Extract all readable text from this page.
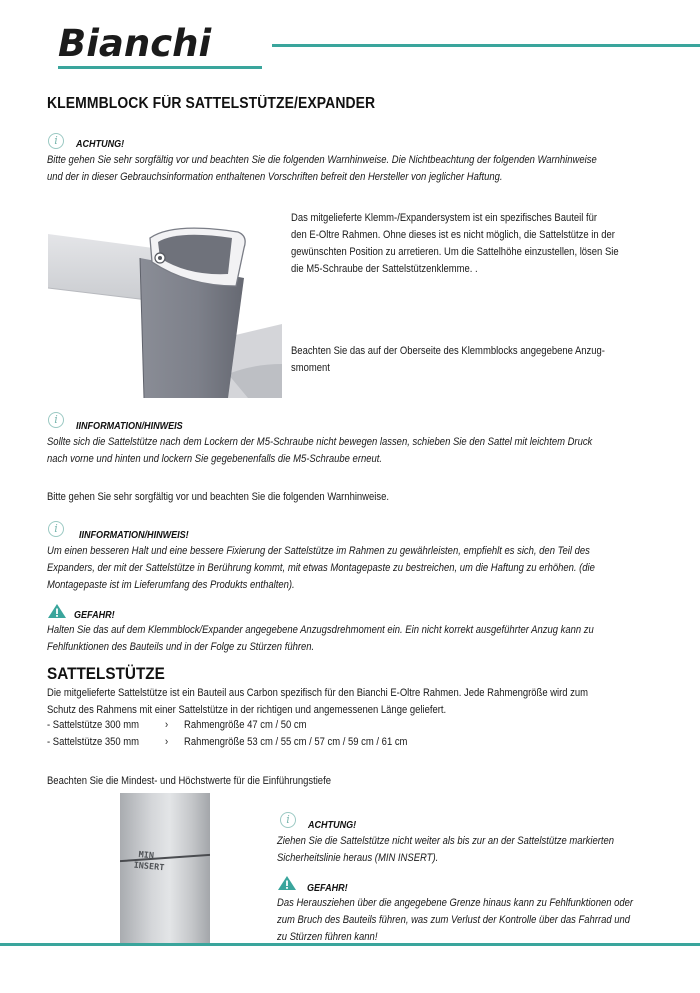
Bianchi
KLEMMBLOCK FÜR SATTELSTÜTZE/EXPANDER
i	ACHTUNG!
Bitte gehen Sie sehr sorgfältig vor und beachten Sie die folgenden Warnhinweise. Die Nichtbeachtung der folgenden Warnhinweise
und der in dieser Gebrauchsinformation enthaltenen Vorschriften befreit den Hersteller von jeglicher Haftung.
Das mitgelieferte Klemm-/Expandersystem ist ein spezifisches Bauteil für
den E-Oltre Rahmen. Ohne dieses ist es nicht möglich, die Sattelstütze in der
gewünschten Position zu arretieren. Um die Sattelhöhe einzustellen, lösen Sie
die M5-Schraube der Sattelstützenklemme. .
Beachten Sie das auf der Oberseite des Klemmblocks angegebene Anzug-
smoment
i	IINFORMATION/HINWEIS
Sollte sich die Sattelstütze nach dem Lockern der M5-Schraube nicht bewegen lassen, schieben Sie den Sattel mit leichtem Druck
nach vorne und hinten und lockern Sie gegebenenfalls die M5-Schraube erneut.
Bitte gehen Sie sehr sorgfältig vor und beachten Sie die folgenden Warnhinweise.
i	IINFORMATION/HINWEIS!
Um einen besseren Halt und eine bessere Fixierung der Sattelstütze im Rahmen zu gewährleisten, empfiehlt es sich, den Teil des
Expanders, der mit der Sattelstütze in Berührung kommt, mit etwas Montagepaste zu bestreichen, um die Haftung zu erhöhen. (die
Montagepaste ist im Lieferumfang des Produkts enthalten).
GEFAHR!
Halten Sie das auf dem Klemmblock/Expander angegebene Anzugsdrehmoment ein. Ein nicht korrekt ausgeführter Anzug kann zu
Fehlfunktionen des Bauteils und in der Folge zu Stürzen führen.
SATTELSTÜTZE
Die mitgelieferte Sattelstütze ist ein Bauteil aus Carbon spezifisch für den Bianchi E-Oltre Rahmen. Jede Rahmengröße wird zum
Schutz des Rahmens mit einer Sattelstütze in der richtigen und angemessenen Länge geliefert.
- Sattelstütze 300 mm › Rahmengröße 47 cm / 50 cm
- Sattelstütze 350 mm › Rahmengröße 53 cm / 55 cm / 57 cm / 59 cm / 61 cm
Beachten Sie die Mindest- und Höchstwerte für die Einführungstiefe
MIN
INSERT
i	ACHTUNG!
Ziehen Sie die Sattelstütze nicht weiter als bis zur an der Sattelstütze markierten
Sicherheitslinie heraus (MIN INSERT).
GEFAHR!
Das Herausziehen über die angegebene Grenze hinaus kann zu Fehlfunktionen oder
zum Bruch des Bauteils führen, was zum Verlust der Kontrolle über das Fahrrad und
zu Stürzen führen kann!
